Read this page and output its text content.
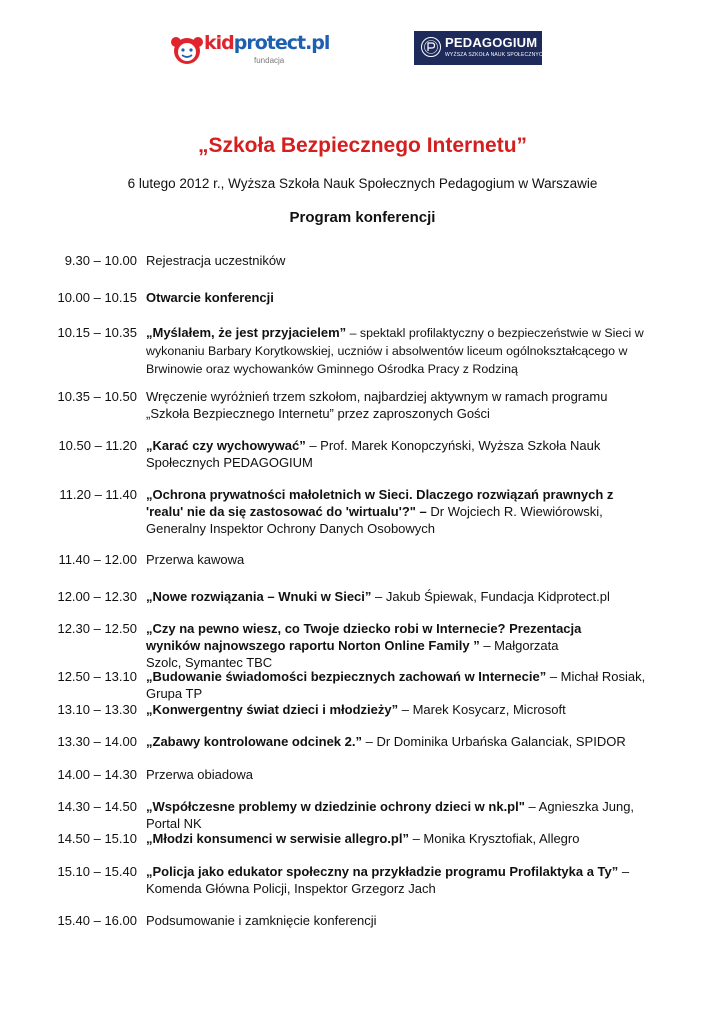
kidprotect.pl
fundacja
PEDAGOGIUM
WYŻSZA SZKOŁA NAUK SPOŁECZNYCH
„Szkoła Bezpiecznego Internetu”
6 lutego 2012 r., Wyższa Szkoła Nauk Społecznych Pedagogium w Warszawie
Program konferencji
9.30 – 10.00 Rejestracja uczestników
10.00 – 10.15 Otwarcie konferencji
10.15 – 10.35 „Myślałem, że jest przyjacielem” – spektakl profilaktyczny o bezpieczeństwie w Sieci w wykonaniu Barbary Korytkowskiej, uczniów i absolwentów liceum ogólnokształcącego w Brwinowie oraz wychowanków Gminnego Ośrodka Pracy z Rodziną
10.35 – 10.50 Wręczenie wyróżnień trzem szkołom, najbardziej aktywnym w ramach programu „Szkoła Bezpiecznego Internetu” przez zaproszonych Gości
10.50 – 11.20 „Karać czy wychowywać” – Prof. Marek Konopczyński, Wyższa Szkoła Nauk Społecznych PEDAGOGIUM
11.20 – 11.40 „Ochrona prywatności małoletnich w Sieci. Dlaczego rozwiązań prawnych z 'realu' nie da się zastosować do 'wirtualu'?" – Dr Wojciech R. Wiewiórowski, Generalny Inspektor Ochrony Danych Osobowych
11.40 – 12.00 Przerwa kawowa
12.00 – 12.30 „Nowe rozwiązania – Wnuki w Sieci” – Jakub Śpiewak, Fundacja Kidprotect.pl
12.30 – 12.50 „Czy na pewno wiesz, co Twoje dziecko robi w Internecie? Prezentacja wyników najnowszego raportu Norton Online Family ” – Małgorzata Szolc, Symantec TBC
12.50 – 13.10 „Budowanie świadomości bezpiecznych zachowań w Internecie” – Michał Rosiak, Grupa TP
13.10 – 13.30 „Konwergentny świat dzieci i młodzieży” – Marek Kosycarz, Microsoft
13.30 – 14.00 „Zabawy kontrolowane odcinek 2.” – Dr Dominika Urbańska Galanciak, SPIDOR
14.00 – 14.30 Przerwa obiadowa
14.30 – 14.50 „Współczesne problemy w dziedzinie ochrony dzieci w nk.pl" – Agnieszka Jung, Portal NK
14.50 – 15.10 „Młodzi konsumenci w serwisie allegro.pl” – Monika Krysztofiak, Allegro
15.10 – 15.40 „Policja jako edukator społeczny na przykładzie programu Profilaktyka a Ty” – Komenda Główna Policji, Inspektor Grzegorz Jach
15.40 – 16.00 Podsumowanie i zamknięcie konferencji
